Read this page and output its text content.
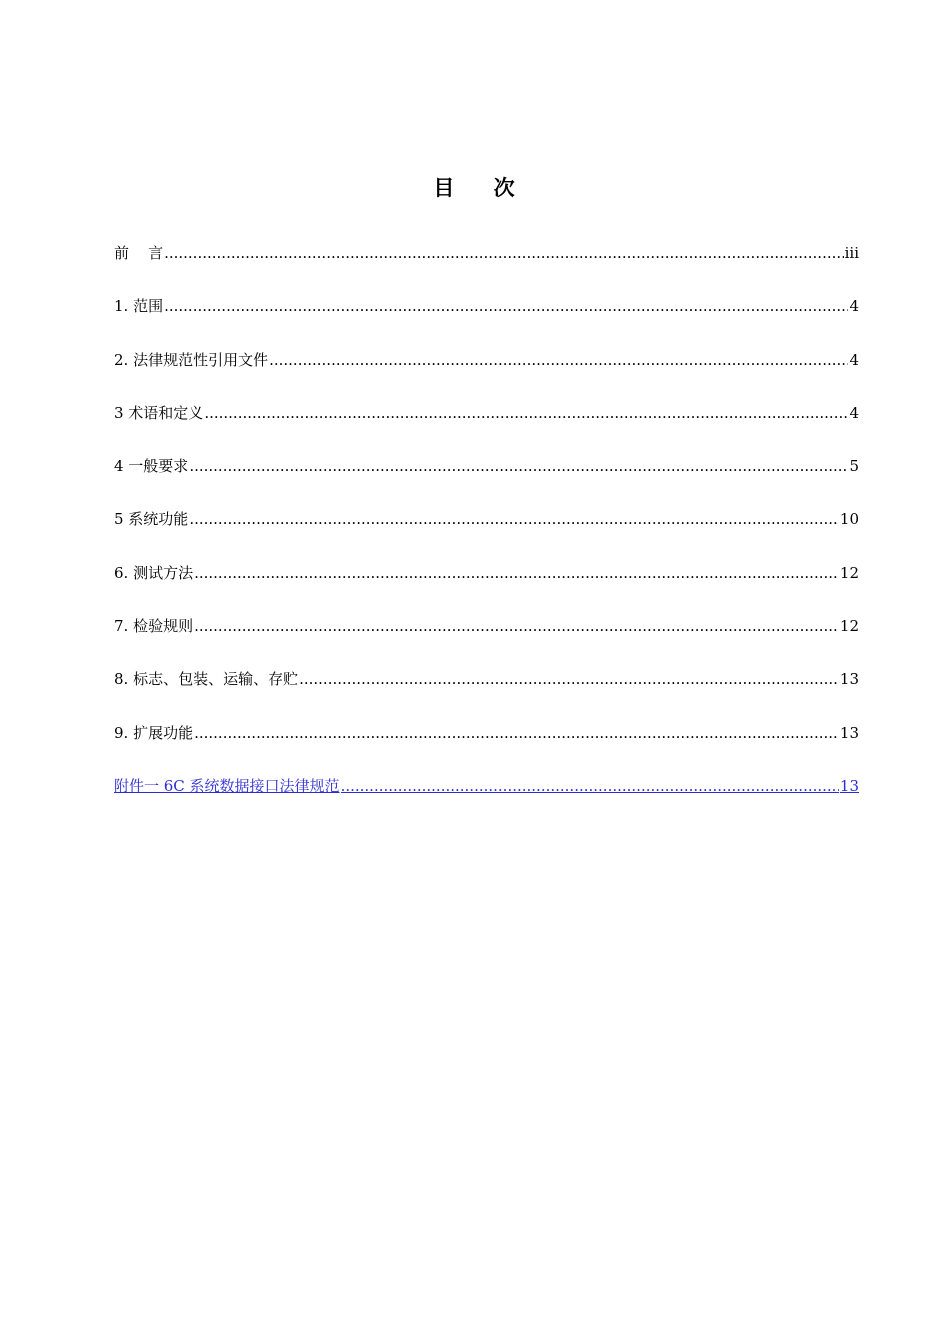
目    次
前    言 .....	iii
1. 范围 .....	4
2. 法律规范性引用文件 .....	4
3 术语和定义 .....	4
4 一般要求 .....	5
5 系统功能 .....	10
6. 测试方法 .....	12
7. 检验规则 .....	12
8. 标志、包装、运输、存贮 .....	13
9. 扩展功能 .....	13
附件一 6C 系统数据接口法律规范 .....	13
